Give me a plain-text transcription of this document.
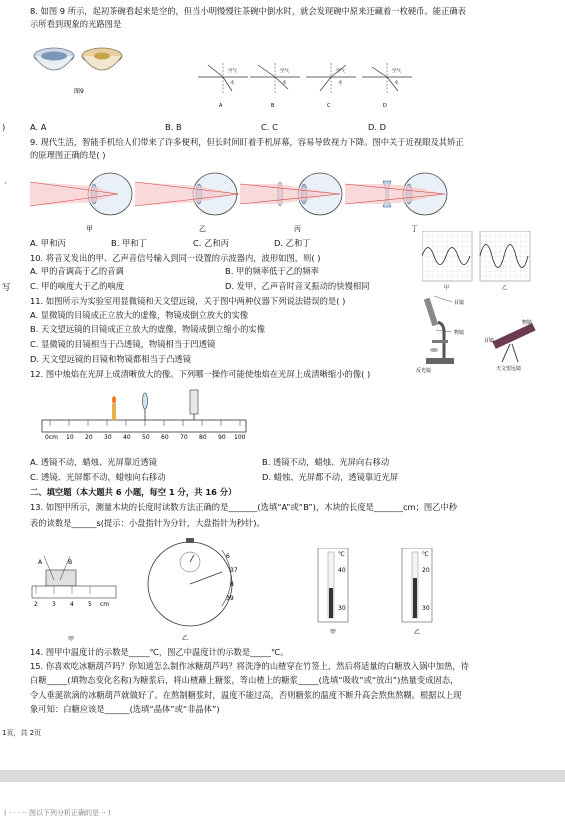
8. 如图 9 所示，起初茶碗看起来是空的，但当小明慢慢往茶碗中倒水时，就会发现碗中原来还藏着一枚硬币。能正确表
示所看到现象的光路图是
图9
空气
水
A
空气
水
B
空气
水
C
空气
水
D
)	A. A	B. B	C. C	D. D
9. 现代生活，智能手机给人们带来了许多便利，但长时间盯着手机屏幕，容易导致视力下降。图中关于近视眼及其矫正
的原理图正确的是( )
·
甲	乙	丙	丁
A. 甲和丙	B. 甲和丁	C. 乙和丙	D. 乙和丁
10. 将音叉发出的甲、乙声音信号输入到同一设置的示波器内，波形如图，则( )
A. 甲的音调高于乙的音调	B. 甲的频率低于乙的频率
写 C. 甲的响度大于乙的响度	D. 发甲、乙声音时音叉振动的快慢相同	甲	乙
11. 如图所示为实验室用显微镜和天文望远镜，关于图中两种仪器下列说法错误的是( )
A. 显微镜的目镜成正立放大的虚像，物镜成倒立放大的实像
B. 天文望远镜的目镜成正立放大的虚像，物镜成倒立缩小的实像
C. 显微镜的目镜相当于凸透镜，物镜相当于凹透镜
D. 天文望远镜的目镜和物镜都相当于凸透镜
目镜
物镜
反光镜
物镜
目镜
天文望远镜
12. 图中烛焰在光屏上成清晰放大的像。下列哪一操作可能使烛焰在光屏上成清晰缩小的像( )
0cm 10 20 30 40 50 60 70 80 90 100
A. 透镜不动，蜡烛、光屏靠近透镜	B. 透镜不动，蜡烛、光屏向右移动
C. 透镜、光屏都不动，蜡烛向右移动	D. 蜡烛、光屏都不动，透镜靠近光屏
二、填空题（本大题共 6 小题，每空 1 分，共 16 分）
13. 如图甲所示，测量木块的长度时读数方法正确的是_______(选填“A”或“B”)，木块的长度是_______cm；图乙中秒
表的读数是______s(提示：小盘指针为分针，大盘指针为秒针)。
A	B
2 3 4 5 cm
甲	乙
6
37
8
39
℃
40
30
甲
℃
20
30
乙
14. 图甲中温度计的示数是_____℃，图乙中温度计的示数是_____℃。
15. 你喜欢吃冰糖葫芦吗？你知道怎么制作冰糖葫芦吗？将洗净的山楂穿在竹签上，然后将适量的白糖放入锅中加热，待
白糖_____(填物态变化名称)为糖浆后，将山楂蘸上糖浆，等山楂上的糖浆_____(选填“吸收”或“放出”)热量变成固态，
令人垂涎欲滴的冰糖葫芦就做好了。在熬制糖浆时，温度不能过高，否则糖浆的温度不断升高会熬焦熬糊。根据以上现
象可知：白糖应该是______(选填“晶体”或“非晶体”)
1页，共 2页
( · · · ·· 图以下列分析正确的是 ·· )
